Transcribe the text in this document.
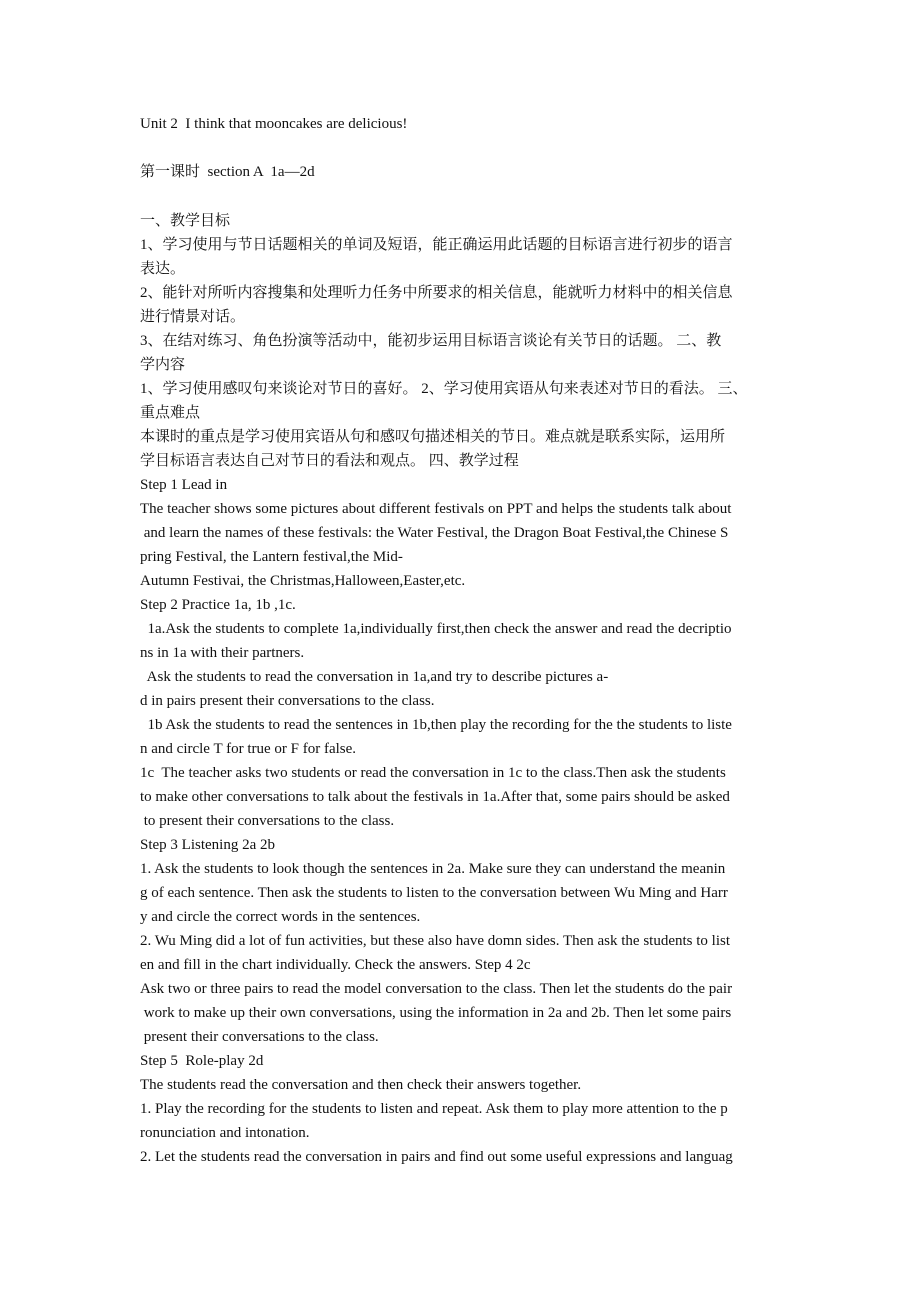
Unit 2  I think that mooncakes are delicious!

第一课时  section A  1a—2d

一、教学目标

1、学习使用与节日话题相关的单词及短语，能正确运用此话题的目标语言进行初步的语言

表达。

2、能针对所听内容搜集和处理听力任务中所要求的相关信息，能就听力材料中的相关信息

进行情景对话。

3、在结对练习、角色扮演等活动中，能初步运用目标语言谈论有关节日的话题。 二、教

学内容

1、学习使用感叹句来谈论对节日的喜好。 2、学习使用宾语从句来表述对节日的看法。 三、

重点难点

本课时的重点是学习使用宾语从句和感叹句描述相关的节日。难点就是联系实际，运用所

学目标语言表达自己对节日的看法和观点。 四、教学过程

Step 1 Lead in

The teacher shows some pictures about different festivals on PPT and helps the students talk about

and learn the names of these festivals: the Water Festival, the Dragon Boat Festival,the Chinese S

pring Festival, the Lantern festival,the Mid-

Autumn Festivai, the Christmas,Halloween,Easter,etc.

Step 2 Practice 1a, 1b ,1c.

1a.Ask the students to complete 1a,individually first,then check the answer and read the decriptio

ns in 1a with their partners.

Ask the students to read the conversation in 1a,and try to describe pictures a-

d in pairs present their conversations to the class.

1b Ask the students to read the sentences in 1b,then play the recording for the the students to liste

n and circle T for true or F for false.

1c  The teacher asks two students or read the conversation in 1c to the class.Then ask the students

to make other conversations to talk about the festivals in 1a.After that, some pairs should be asked

to present their conversations to the class.

Step 3 Listening 2a 2b

1. Ask the students to look though the sentences in 2a. Make sure they can understand the meanin

g of each sentence. Then ask the students to listen to the conversation between Wu Ming and Harr

y and circle the correct words in the sentences.

2. Wu Ming did a lot of fun activities, but these also have domn sides. Then ask the students to list

en and fill in the chart individually. Check the answers. Step 4 2c

Ask two or three pairs to read the model conversation to the class. Then let the students do the pair

work to make up their own conversations, using the information in 2a and 2b. Then let some pairs

present their conversations to the class.

Step 5  Role-play 2d

The students read the conversation and then check their answers together.

1. Play the recording for the students to listen and repeat. Ask them to play more attention to the p

ronunciation and intonation.

2. Let the students read the conversation in pairs and find out some useful expressions and languag
